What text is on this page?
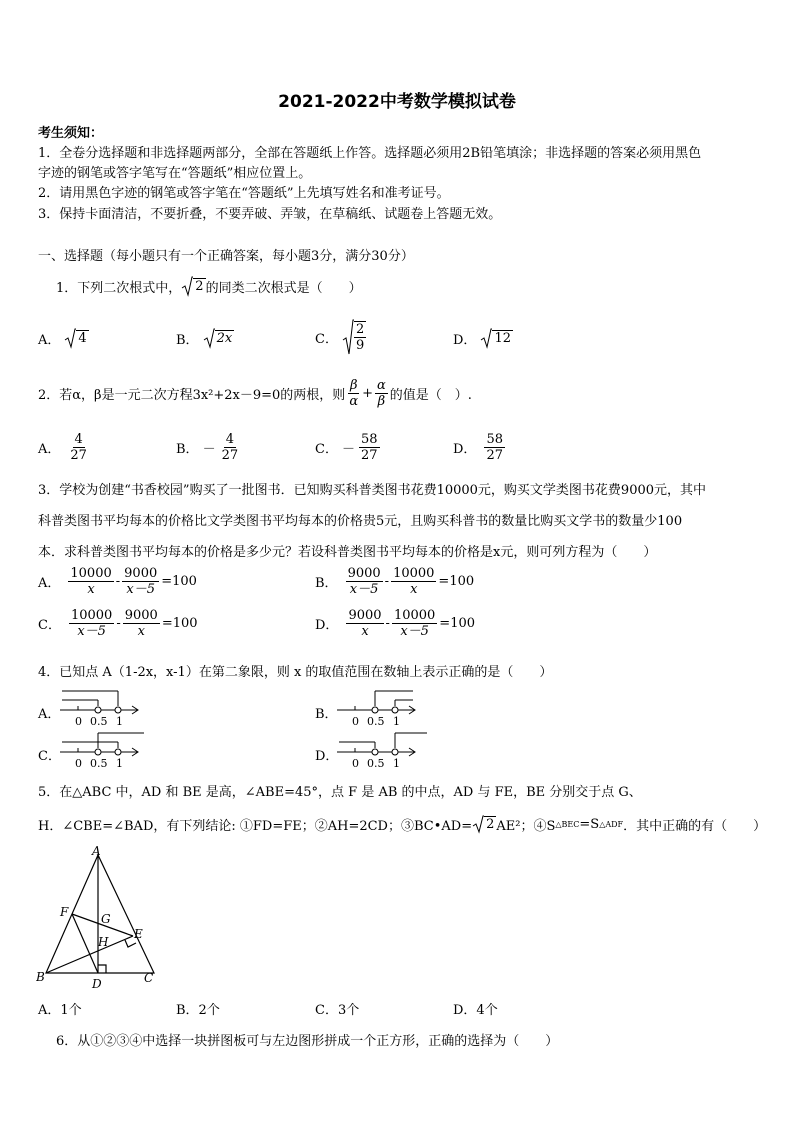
2021-2022中考数学模拟试卷
考生须知：
1．全卷分选择题和非选择题两部分，全部在答题纸上作答。选择题必须用2B铅笔填涂；非选择题的答案必须用黑色
字迹的钢笔或答字笔写在“答题纸”相应位置上。
2．请用黑色字迹的钢笔或答字笔在“答题纸”上先填写姓名和准考证号。
3．保持卡面清洁，不要折叠，不要弄破、弄皱，在草稿纸、试题卷上答题无效。
一、选择题（每小题只有一个正确答案，每小题3分，满分30分）
1．下列二次根式中， 2 的同类二次根式是（　　）
A． 4	B． 2x	C． $\frac{2}{9}$	D． 12
2．若α，β是一元二次方程3x²+2x－9=0的两根，则 $\frac{\beta}{\alpha} + \frac{\alpha}{\beta}$ 的值是（　）.
A． $\frac{4}{27}$	B． － $\frac{4}{27}$	C． － $\frac{58}{27}$	D． $\frac{58}{27}$
3．学校为创建“书香校园”购买了一批图书．已知购买科普类图书花费10000元，购买文学类图书花费9000元，其中
科普类图书平均每本的价格比文学类图书平均每本的价格贵5元，且购买科普书的数量比购买文学书的数量少100
本．求科普类图书平均每本的价格是多少元？若设科普类图书平均每本的价格是x元，则可列方程为（　　）
A． $\frac{10000}{x} - \frac{9000}{x-5} =100$	B． $\frac{9000}{x-5} - \frac{10000}{x} =100$
C． $\frac{10000}{x-5} - \frac{9000}{x} =100$	D． $\frac{9000}{x} - \frac{10000}{x-5} =100$
4．已知点 A（1-2x，x-1）在第二象限，则 x 的取值范围在数轴上表示正确的是（　　）
A． 0 0.5 1	B． 0 0.5 1
C． 0 0.5 1	D． 0 0.5 1
5．在△ABC 中，AD 和 BE 是高，∠ABE=45°，点 F 是 AB 的中点，AD 与 FE，BE 分别交于点 G、
H．∠CBE=∠BAD，有下列结论: ①FD=FE；②AH=2CD；③BC•AD= 2 AE²；④S △BEC =S △ADF ．其中正确的有（　　）
A
F	G
E
H
B	D	C
A．1个	B．2个	C．3个	D．4个
6．从①②③④中选择一块拼图板可与左边图形拼成一个正方形，正确的选择为（　　）
